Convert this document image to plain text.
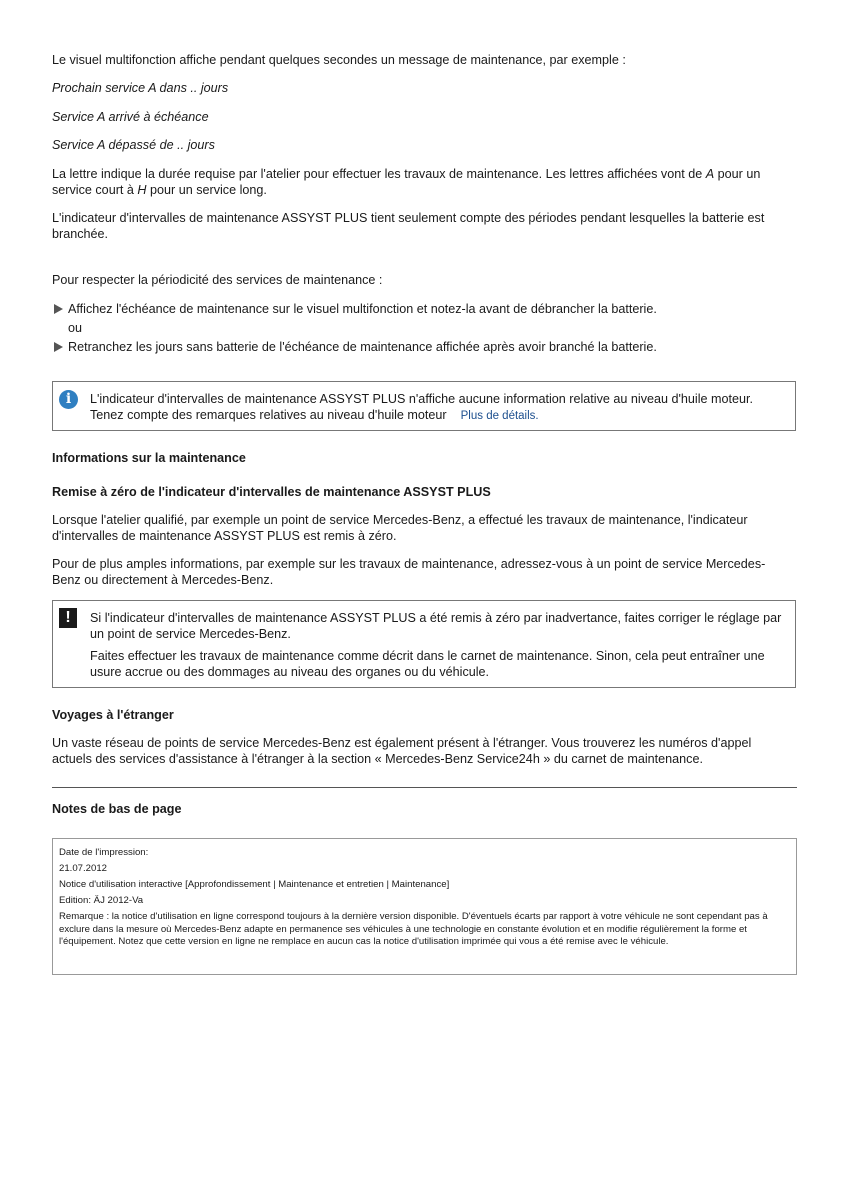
Le visuel multifonction affiche pendant quelques secondes un message de maintenance, par exemple :

Prochain service A dans .. jours

Service A arrivé à échéance

Service A dépassé de .. jours

La lettre indique la durée requise par l'atelier pour effectuer les travaux de maintenance. Les lettres affichées vont de A pour un service court à H pour un service long.

L'indicateur d'intervalles de maintenance ASSYST PLUS tient seulement compte des périodes pendant lesquelles la batterie est branchée.

Pour respecter la périodicité des services de maintenance :

Affichez l'échéance de maintenance sur le visuel multifonction et notez-la avant de débrancher la batterie.

ou

Retranchez les jours sans batterie de l'échéance de maintenance affichée après avoir branché la batterie.
i	L'indicateur d'intervalles de maintenance ASSYST PLUS n'affiche aucune information relative au niveau d'huile moteur.
Tenez compte des remarques relatives au niveau d'huile moteur Plus de détails.

Informations sur la maintenance

Remise à zéro de l'indicateur d'intervalles de maintenance ASSYST PLUS

Lorsque l'atelier qualifié, par exemple un point de service Mercedes-Benz, a effectué les travaux de maintenance, l'indicateur d'intervalles de maintenance ASSYST PLUS est remis à zéro.

Pour de plus amples informations, par exemple sur les travaux de maintenance, adressez-vous à un point de service Mercedes-Benz ou directement à Mercedes-Benz.

!	Si l'indicateur d'intervalles de maintenance ASSYST PLUS a été remis à zéro par inadvertance, faites corriger le réglage par un point de service Mercedes-Benz.
Faites effectuer les travaux de maintenance comme décrit dans le carnet de maintenance. Sinon, cela peut entraîner une usure accrue ou des dommages au niveau des organes ou du véhicule.

Voyages à l'étranger

Un vaste réseau de points de service Mercedes-Benz est également présent à l'étranger. Vous trouverez les numéros d'appel actuels des services d'assistance à l'étranger à la section « Mercedes-Benz Service24h » du carnet de maintenance.

Notes de bas de page

Date de l'impression:
21.07.2012
Notice d'utilisation interactive [Approfondissement | Maintenance et entretien | Maintenance]
Edition: ÄJ 2012-Va
Remarque : la notice d'utilisation en ligne correspond toujours à la dernière version disponible. D'éventuels écarts par rapport à votre véhicule ne sont cependant pas à exclure dans la mesure où Mercedes-Benz adapte en permanence ses véhicules à une technologie en constante évolution et en modifie régulièrement la forme et l'équipement. Notez que cette version en ligne ne remplace en aucun cas la notice d'utilisation imprimée qui vous a été remise avec le véhicule.
